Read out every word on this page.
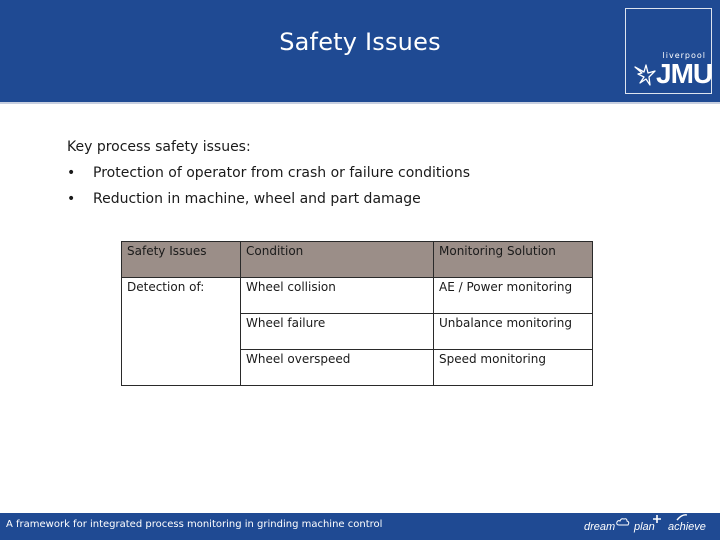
Safety Issues	liverpool
JMU
Key process safety issues:
• Protection of operator from crash or failure conditions
• Reduction in machine, wheel and part damage
Safety Issues	Condition	Monitoring Solution
Detection of:	Wheel collision	AE / Power monitoring
	Wheel failure	Unbalance monitoring
	Wheel overspeed	Speed monitoring
A framework for integrated process monitoring in grinding machine control	dream plan achieve
